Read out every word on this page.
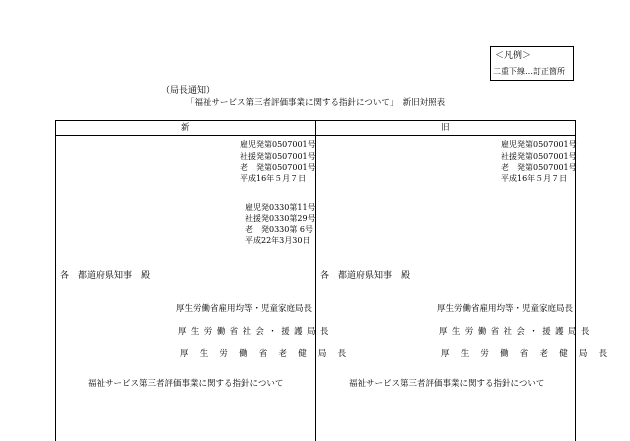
＜凡例＞
二重下線…訂正箇所
（局長通知）
「福祉サービス第三者評価事業に関する指針について」　新旧対照表
新	旧
雇児発第0507001号
社援発第0507001号
老　発第0507001号
平成16年５月７日
雇児発0330第11号
社援発0330第29号
老　発0330第 6号
平成22年3月30日
各　都道府県知事　殿
厚生労働省雇用均等・児童家庭局長
厚生労働省社会・援護局長
厚生労働省老健局長
福祉サービス第三者評価事業に関する指針について
雇児発第0507001号
社援発第0507001号
老　発第0507001号
平成16年５月７日
各　都道府県知事　殿
厚生労働省雇用均等・児童家庭局長
厚生労働省社会・援護局長
厚生労働省老健局長
福祉サービス第三者評価事業に関する指針について
